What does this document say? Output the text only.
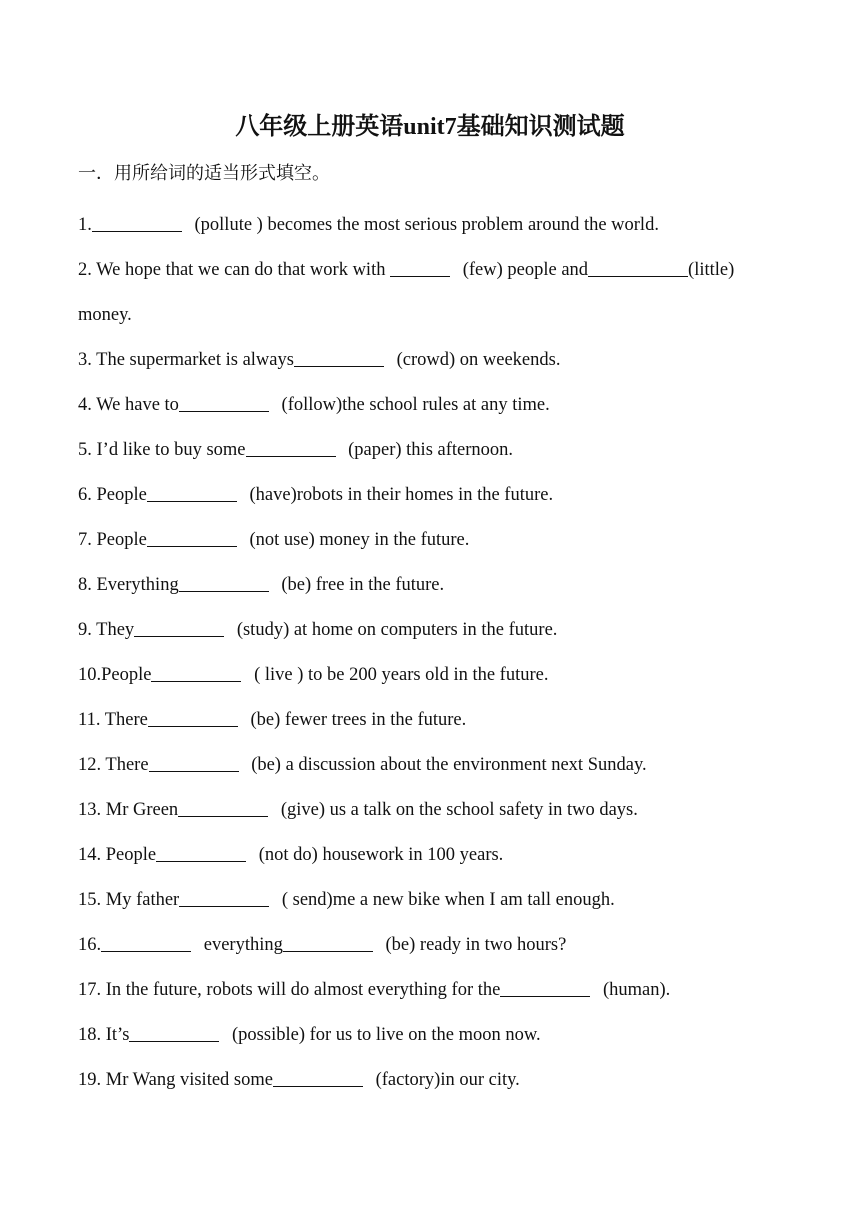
八年级上册英语unit7基础知识测试题

一．用所给词的适当形式填空。

1.	(pollute ) becomes the most serious problem around the world.
2. We hope that we can do that work with	(few) people and	(little)
money.
3. The supermarket is always	(crowd) on weekends.
4. We have to	(follow)the school rules at any time.
5. I’d like to buy some	(paper) this afternoon.
6. People	(have)robots in their homes in the future.
7. People	(not use) money in the future.
8. Everything	(be) free in the future.
9. They	(study) at home on computers in the future.
10.People	( live ) to be 200 years old in the future.
11. There	(be) fewer trees in the future.
12. There	(be) a discussion about the environment next Sunday.
13. Mr Green	(give) us a talk on the school safety in two days.
14. People	(not do) housework in 100 years.
15. My father	( send)me a new bike when I am tall enough.
16.	everything	(be) ready in two hours?
17. In the future, robots will do almost everything for the	(human).
18. It’s	(possible) for us to live on the moon now.
19. Mr Wang visited some	(factory)in our city.
